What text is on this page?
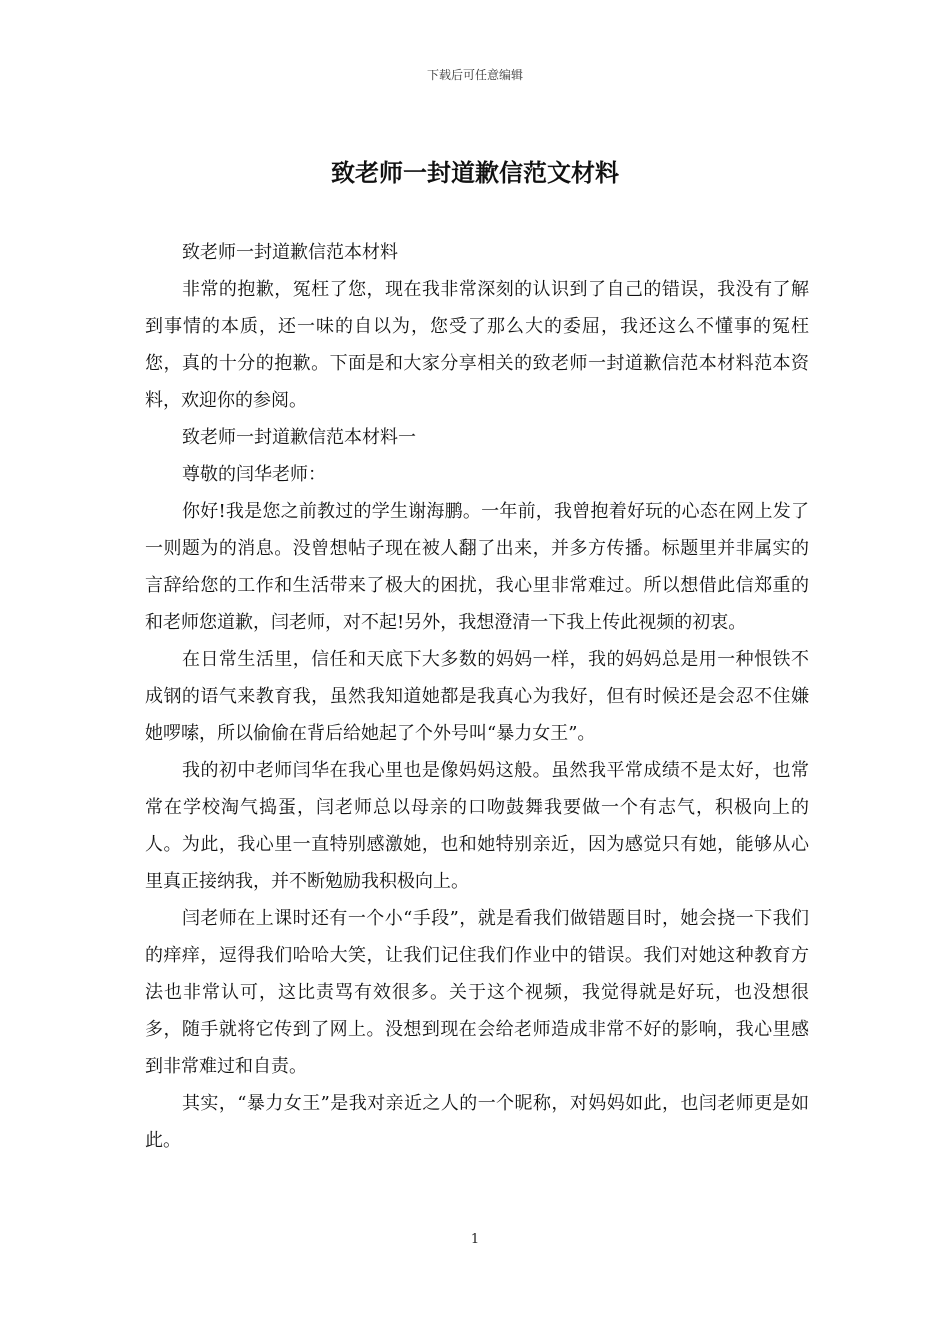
下载后可任意编辑
致老师一封道歉信范文材料

致老师一封道歉信范本材料

非常的抱歉，冤枉了您，现在我非常深刻的认识到了自己的错误，我没有了解到事情的本质，还一味的自以为，您受了那么大的委屈，我还这么不懂事的冤枉您，真的十分的抱歉。下面是和大家分享相关的致老师一封道歉信范本材料范本资料，欢迎你的参阅。

致老师一封道歉信范本材料一

尊敬的闫华老师：

你好!我是您之前教过的学生谢海鹏。一年前，我曾抱着好玩的心态在网上发了一则题为的消息。没曾想帖子现在被人翻了出来，并多方传播。标题里并非属实的言辞给您的工作和生活带来了极大的困扰，我心里非常难过。所以想借此信郑重的和老师您道歉，闫老师，对不起!另外，我想澄清一下我上传此视频的初衷。

在日常生活里，信任和天底下大多数的妈妈一样，我的妈妈总是用一种恨铁不成钢的语气来教育我，虽然我知道她都是我真心为我好，但有时候还是会忍不住嫌她啰嗦，所以偷偷在背后给她起了个外号叫“暴力女王”。

我的初中老师闫华在我心里也是像妈妈这般。虽然我平常成绩不是太好，也常常在学校淘气捣蛋，闫老师总以母亲的口吻鼓舞我要做一个有志气，积极向上的人。为此，我心里一直特别感激她，也和她特别亲近，因为感觉只有她，能够从心里真正接纳我，并不断勉励我积极向上。

闫老师在上课时还有一个小“手段”，就是看我们做错题目时，她会挠一下我们的痒痒，逗得我们哈哈大笑，让我们记住我们作业中的错误。我们对她这种教育方法也非常认可，这比责骂有效很多。关于这个视频，我觉得就是好玩，也没想很多，随手就将它传到了网上。没想到现在会给老师造成非常不好的影响，我心里感到非常难过和自责。

其实，“暴力女王”是我对亲近之人的一个昵称，对妈妈如此，也闫老师更是如此。

1
